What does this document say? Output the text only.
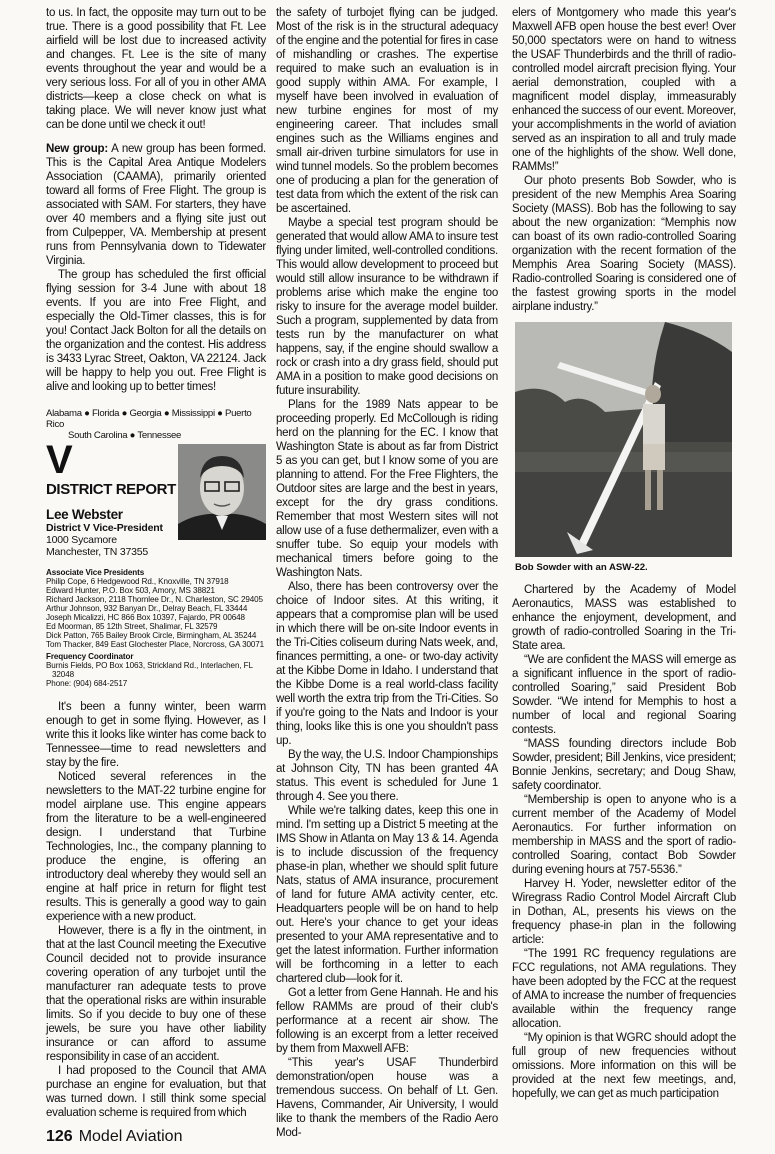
to us. In fact, the opposite may turn out to be true. There is a good possibility that Ft. Lee airfield will be lost due to increased activity and changes. Ft. Lee is the site of many events throughout the year and would be a very serious loss. For all of you in other AMA districts—keep a close check on what is taking place. We will never know just what can be done until we check it out!

New group: A new group has been formed. This is the Capital Area Antique Modelers Association (CAAMA), primarily oriented toward all forms of Free Flight. The group is associated with SAM. For starters, they have over 40 members and a flying site just out from Culpepper, VA. Membership at present runs from Pennsylvania down to Tidewater Virginia.

The group has scheduled the first official flying session for 3-4 June with about 18 events. If you are into Free Flight, and especially the Old-Timer classes, this is for you! Contact Jack Bolton for all the details on the organization and the contest. His address is 3433 Lyrac Street, Oakton, VA 22124. Jack will be happy to help you out. Free Flight is alive and looking up to better times!

Alabama ● Florida ● Georgia ● Mississippi ● Puerto Rico
South Carolina ● Tennessee
V
DISTRICT REPORT
Lee Webster
District V Vice-President
1000 Sycamore
Manchester, TN 37355
Associate Vice Presidents
Philip Cope, 6 Hedgewood Rd., Knoxville, TN 37918
Edward Hunter, P.O. Box 503, Amory, MS 38821
Richard Jackson, 2118 Thornlee Dr., N. Charleston, SC 29405
Arthur Johnson, 932 Banyan Dr., Delray Beach, FL 33444
Joseph Micalizzi, HC 866 Box 10397, Fajardo, PR 00648
Ed Moorman, 85 12th Street, Shalimar, FL 32579
Dick Patton, 765 Bailey Brook Circle, Birmingham, AL 35244
Tom Thacker, 849 East Glochester Place, Norcross, GA 30071
Frequency Coordinator
Burnis Fields, PO Box 1063, Strickland Rd., Interlachen, FL 32048
Phone: (904) 684-2517

It's been a funny winter, been warm enough to get in some flying. However, as I write this it looks like winter has come back to Tennessee—time to read newsletters and stay by the fire.

Noticed several references in the newsletters to the MAT-22 turbine engine for model airplane use. This engine appears from the literature to be a well-engineered design. I understand that Turbine Technologies, Inc., the company planning to produce the engine, is offering an introductory deal whereby they would sell an engine at half price in return for flight test results. This is generally a good way to gain experience with a new product.

However, there is a fly in the ointment, in that at the last Council meeting the Executive Council decided not to provide insurance covering operation of any turbojet until the manufacturer ran adequate tests to prove that the operational risks are within insurable limits. So if you decide to buy one of these jewels, be sure you have other liability insurance or can afford to assume responsibility in case of an accident.

I had proposed to the Council that AMA purchase an engine for evaluation, but that was turned down. I still think some special evaluation scheme is required from which

126 Model Aviation

the safety of turbojet flying can be judged. Most of the risk is in the structural adequacy of the engine and the potential for fires in case of mishandling or crashes. The expertise required to make such an evaluation is in good supply within AMA. For example, I myself have been involved in evaluation of new turbine engines for most of my engineering career. That includes small engines such as the Williams engines and small air-driven turbine simulators for use in wind tunnel models. So the problem becomes one of producing a plan for the generation of test data from which the extent of the risk can be ascertained.

Maybe a special test program should be generated that would allow AMA to insure test flying under limited, well-controlled conditions. This would allow development to proceed but would still allow insurance to be withdrawn if problems arise which make the engine too risky to insure for the average model builder. Such a program, supplemented by data from tests run by the manufacturer on what happens, say, if the engine should swallow a rock or crash into a dry grass field, should put AMA in a position to make good decisions on future insurability.

Plans for the 1989 Nats appear to be proceeding properly. Ed McCollough is riding herd on the planning for the EC. I know that Washington State is about as far from District 5 as you can get, but I know some of you are planning to attend. For the Free Flighters, the Outdoor sites are large and the best in years, except for the dry grass conditions. Remember that most Western sites will not allow use of a fuse dethermalizer, even with a snuffer tube. So equip your models with mechanical timers before going to the Washington Nats.

Also, there has been controversy over the choice of Indoor sites. At this writing, it appears that a compromise plan will be used in which there will be on-site Indoor events in the Tri-Cities coliseum during Nats week, and, finances permitting, a one- or two-day activity at the Kibbe Dome in Idaho. I understand that the Kibbe Dome is a real world-class facility well worth the extra trip from the Tri-Cities. So if you're going to the Nats and Indoor is your thing, looks like this is one you shouldn't pass up.

By the way, the U.S. Indoor Championships at Johnson City, TN has been granted 4A status. This event is scheduled for June 1 through 4. See you there.

While we're talking dates, keep this one in mind. I'm setting up a District 5 meeting at the IMS Show in Atlanta on May 13 & 14. Agenda is to include discussion of the frequency phase-in plan, whether we should split future Nats, status of AMA insurance, procurement of land for future AMA activity center, etc. Headquarters people will be on hand to help out. Here's your chance to get your ideas presented to your AMA representative and to get the latest information. Further information will be forthcoming in a letter to each chartered club—look for it.

Got a letter from Gene Hannah. He and his fellow RAMMs are proud of their club's performance at a recent air show. The following is an excerpt from a letter received by them from Maxwell AFB:

“This year's USAF Thunderbird demonstration/open house was a tremendous success. On behalf of Lt. Gen. Havens, Commander, Air University, I would like to thank the members of the Radio Aero Mod-

elers of Montgomery who made this year's Maxwell AFB open house the best ever! Over 50,000 spectators were on hand to witness the USAF Thunderbirds and the thrill of radio-controlled model aircraft precision flying. Your aerial demonstration, coupled with a magnificent model display, immeasurably enhanced the success of our event. Moreover, your accomplishments in the world of aviation served as an inspiration to all and truly made one of the highlights of the show. Well done, RAMMs!”

Our photo presents Bob Sowder, who is president of the new Memphis Area Soaring Society (MASS). Bob has the following to say about the new organization: “Memphis now can boast of its own radio-controlled Soaring organization with the recent formation of the Memphis Area Soaring Society (MASS). Radio-controlled Soaring is considered one of the fastest growing sports in the model airplane industry.”

Bob Sowder with an ASW-22.

Chartered by the Academy of Model Aeronautics, MASS was established to enhance the enjoyment, development, and growth of radio-controlled Soaring in the Tri-State area.

“We are confident the MASS will emerge as a significant influence in the sport of radio-controlled Soaring,” said President Bob Sowder. “We intend for Memphis to host a number of local and regional Soaring contests.

“MASS founding directors include Bob Sowder, president; Bill Jenkins, vice president; Bonnie Jenkins, secretary; and Doug Shaw, safety coordinator.

“Membership is open to anyone who is a current member of the Academy of Model Aeronautics. For further information on membership in MASS and the sport of radio-controlled Soaring, contact Bob Sowder during evening hours at 757-5536.”

Harvey H. Yoder, newsletter editor of the Wiregrass Radio Control Model Aircraft Club in Dothan, AL, presents his views on the frequency phase-in plan in the following article:

“The 1991 RC frequency regulations are FCC regulations, not AMA regulations. They have been adopted by the FCC at the request of AMA to increase the number of frequencies available within the frequency range allocation.

“My opinion is that WGRC should adopt the full group of new frequencies without omissions. More information on this will be provided at the next few meetings, and, hopefully, we can get as much participation
